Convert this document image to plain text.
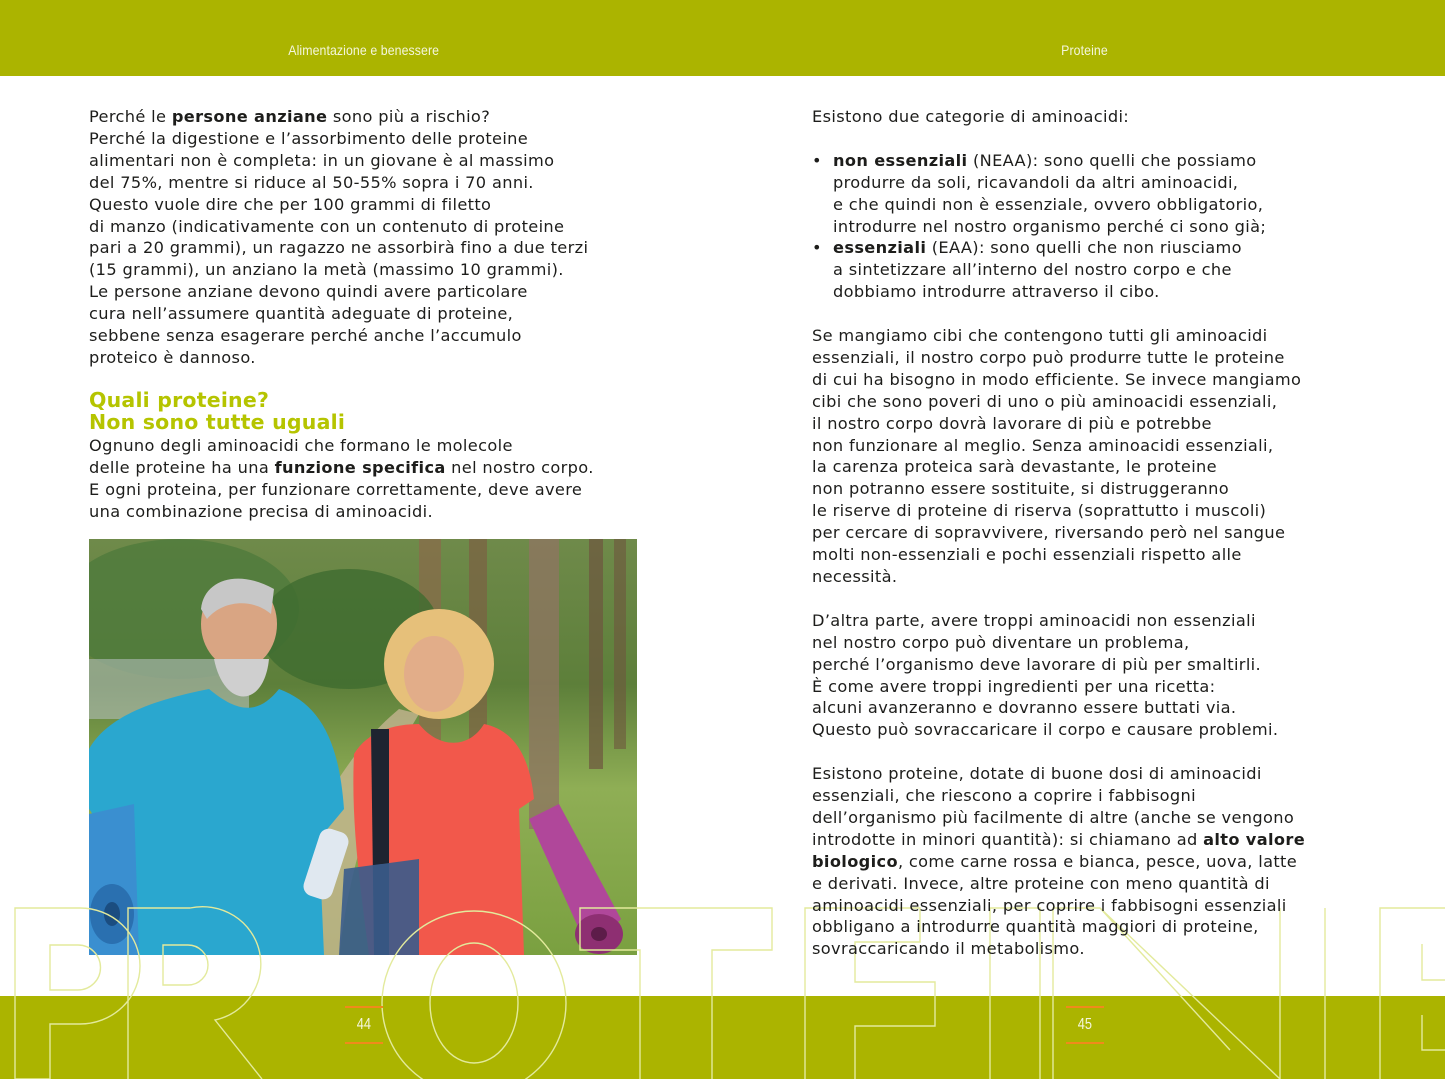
Alimentazione e benessere	Proteine
44	45

Perché le persone anziane sono più a rischio?

Perché la digestione e l’assorbimento delle proteine

alimentari non è completa: in un giovane è al massimo

del 75%, mentre si riduce al 50-55% sopra i 70 anni.

Questo vuole dire che per 100 grammi di filetto

di manzo (indicativamente con un contenuto di proteine

pari a 20 grammi), un ragazzo ne assorbirà fino a due terzi

(15 grammi), un anziano la metà (massimo 10 grammi).

Le persone anziane devono quindi avere particolare

cura nell’assumere quantità adeguate di proteine,

sebbene senza esagerare perché anche l’accumulo

proteico è dannoso.

Quali proteine?

Non sono tutte uguali

Ognuno degli aminoacidi che formano le molecole

delle proteine ha una funzione specifica nel nostro corpo.

E ogni proteina, per funzionare correttamente, deve avere

una combinazione precisa di aminoacidi.

Esistono due categorie di aminoacidi:

• non essenziali (NEAA): sono quelli che possiamo

produrre da soli, ricavandoli da altri aminoacidi,

e che quindi non è essenziale, ovvero obbligatorio,

introdurre nel nostro organismo perché ci sono già;

• essenziali (EAA): sono quelli che non riusciamo

a sintetizzare all’interno del nostro corpo e che

dobbiamo introdurre attraverso il cibo.

Se mangiamo cibi che contengono tutti gli aminoacidi

essenziali, il nostro corpo può produrre tutte le proteine

di cui ha bisogno in modo efficiente. Se invece mangiamo

cibi che sono poveri di uno o più aminoacidi essenziali,

il nostro corpo dovrà lavorare di più e potrebbe

non funzionare al meglio. Senza aminoacidi essenziali,

la carenza proteica sarà devastante, le proteine

non potranno essere sostituite, si distruggeranno

le riserve di proteine di riserva (soprattutto i muscoli)

per cercare di sopravvivere, riversando però nel sangue

molti non-essenziali e pochi essenziali rispetto alle

necessità.

D’altra parte, avere troppi aminoacidi non essenziali

nel nostro corpo può diventare un problema,

perché l’organismo deve lavorare di più per smaltirli.

È come avere troppi ingredienti per una ricetta:

alcuni avanzeranno e dovranno essere buttati via.

Questo può sovraccaricare il corpo e causare problemi.

Esistono proteine, dotate di buone dosi di aminoacidi

essenziali, che riescono a coprire i fabbisogni

dell’organismo più facilmente di altre (anche se vengono

introdotte in minori quantità): si chiamano ad alto valore

biologico, come carne rossa e bianca, pesce, uova, latte

e derivati. Invece, altre proteine con meno quantità di

aminoacidi essenziali, per coprire i fabbisogni essenziali

obbligano a introdurre quantità maggiori di proteine,

sovraccaricando il metabolismo.
